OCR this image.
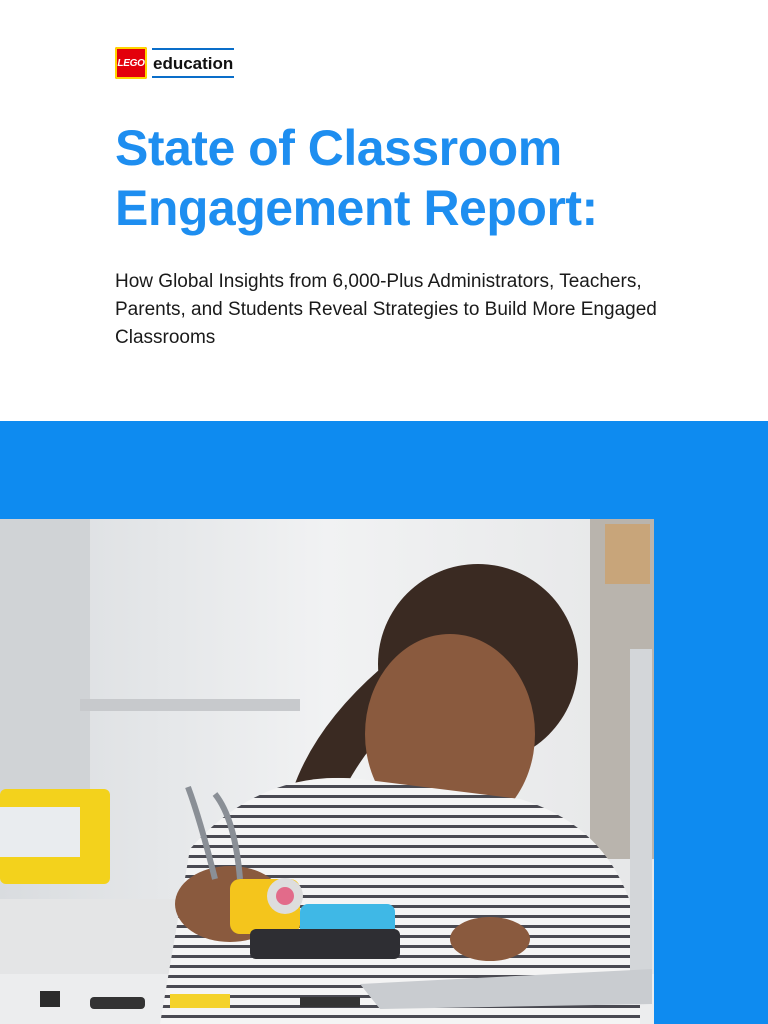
LEGO education
State of Classroom Engagement Report:

How Global Insights from 6,000-Plus Administrators, Teachers, Parents, and Students Reveal Strategies to Build More Engaged Classrooms
